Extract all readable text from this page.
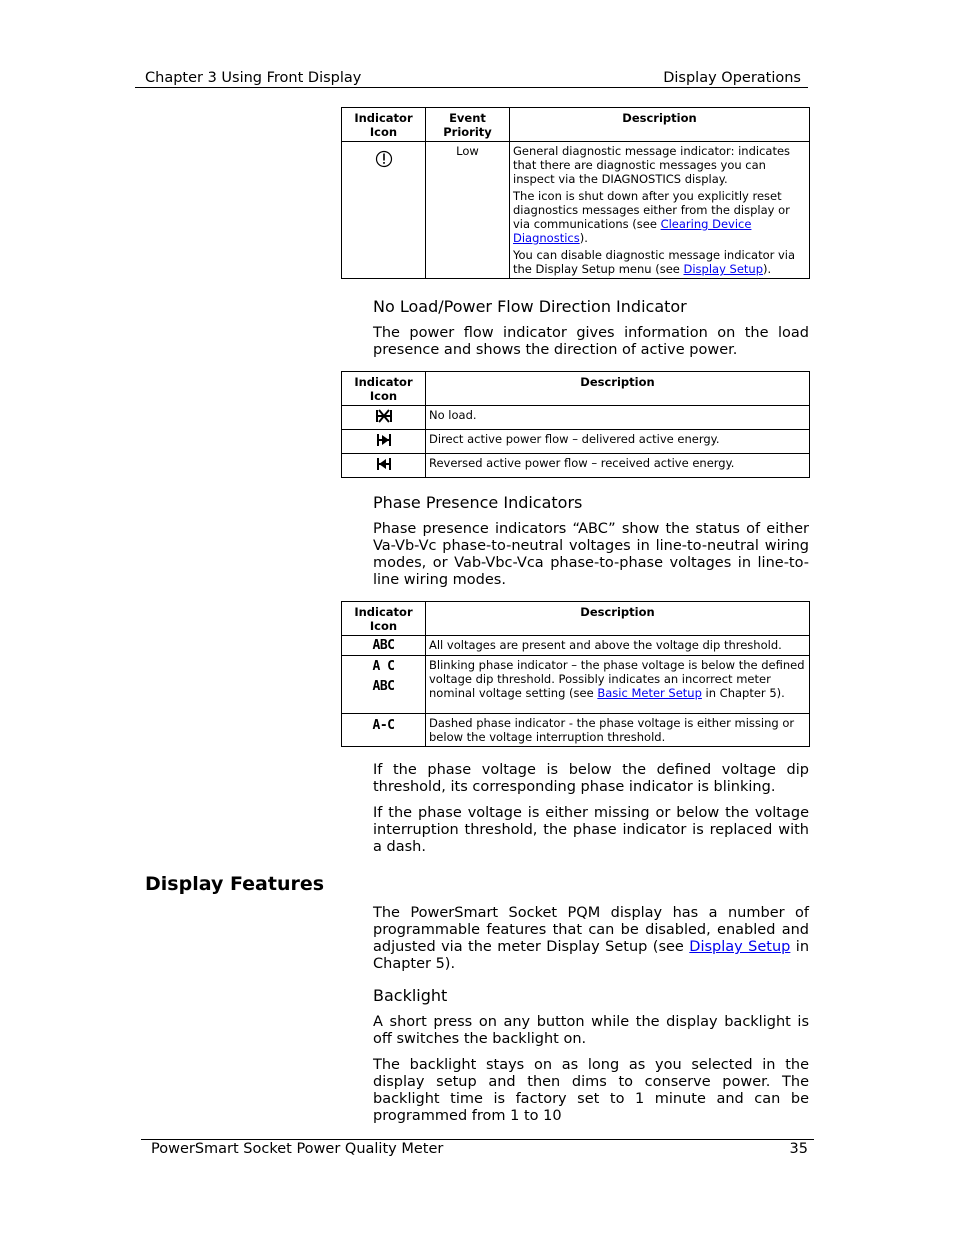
Chapter 3 Using Front Display	Display Operations
Indicator Icon	Event Priority	Description
	Low	General diagnostic message indicator: indicates that there are diagnostic messages you can inspect via the DIAGNOSTICS display.

The icon is shut down after you explicitly reset diagnostics messages either from the display or via communications (see Clearing Device Diagnostics).

You can disable diagnostic message indicator via the Display Setup menu (see Display Setup).

No Load/Power Flow Direction Indicator

The power flow indicator gives information on the load presence and shows the direction of active power.

Indicator Icon	Description
	No load.
	Direct active power flow – delivered active energy.
	Reversed active power flow – received active energy.
Phase Presence Indicators

Phase presence indicators “ABC” show the status of either Va-Vb-Vc phase-to-neutral voltages in line-to-neutral wiring modes, or Vab-Vbc-Vca phase-to-phase voltages in line-to-line wiring modes.

Indicator Icon	Description
ABC	All voltages are present and above the voltage dip threshold.

A C
ABC	Blinking phase indicator – the phase voltage is below the defined voltage dip threshold. Possibly indicates an incorrect meter nominal voltage setting (see Basic Meter Setup in Chapter 5).
A-C	Dashed phase indicator - the phase voltage is either missing or below the voltage interruption threshold.

If the phase voltage is below the defined voltage dip threshold, its corresponding phase indicator is blinking.

If the phase voltage is either missing or below the voltage interruption threshold, the phase indicator is replaced with a dash.

Display Features

The PowerSmart Socket PQM display has a number of programmable features that can be disabled, enabled and adjusted via the meter Display Setup (see Display Setup in Chapter 5).

Backlight

A short press on any button while the display backlight is off switches the backlight on.

The backlight stays on as long as you selected in the display setup and then dims to conserve power. The backlight time is factory set to 1 minute and can be programmed from 1 to 10

PowerSmart Socket Power Quality Meter	35
